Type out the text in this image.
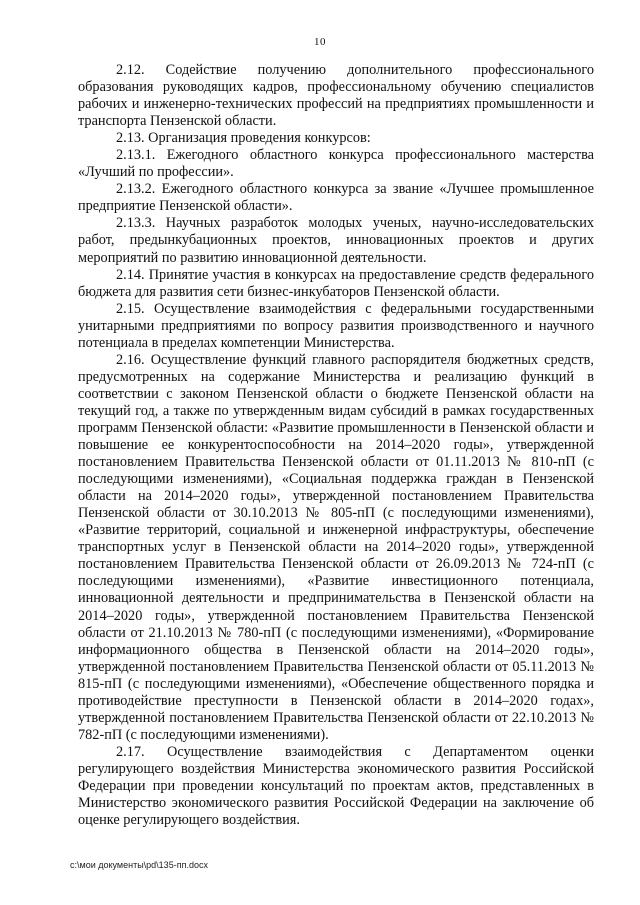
10

2.12. Содействие получению дополнительного профессионального образования руководящих кадров, профессиональному обучению специалистов рабочих и инженерно-технических профессий на предприятиях промышленности и транспорта Пензенской области.

2.13. Организация проведения конкурсов:

2.13.1. Ежегодного областного конкурса профессионального мастерства «Лучший по профессии».

2.13.2. Ежегодного областного конкурса за звание «Лучшее промышленное предприятие Пензенской области».

2.13.3. Научных разработок молодых ученых, научно-исследовательских работ, предынкубационных проектов, инновационных проектов и других мероприятий по развитию инновационной деятельности.

2.14. Принятие участия в конкурсах на предоставление средств федерального бюджета для развития сети бизнес-инкубаторов Пензенской области.

2.15. Осуществление взаимодействия с федеральными государственными унитарными предприятиями по вопросу развития производственного и научного потенциала в пределах компетенции Министерства.

2.16. Осуществление функций главного распорядителя бюджетных средств, предусмотренных на содержание Министерства и реализацию функций в соответствии с законом Пензенской области о бюджете Пензенской области на текущий год, а также по утвержденным видам субсидий в рамках государственных программ Пензенской области: «Развитие промышленности в Пензенской области и повышение ее конкурентоспособности на 2014–2020 годы», утвержденной постановлением Правительства Пензенской области от 01.11.2013 № 810-пП (с последующими изменениями), «Социальная поддержка граждан в Пензенской области на 2014–2020 годы», утвержденной постановлением Правительства Пензенской области от 30.10.2013 № 805-пП (с последующими изменениями), «Развитие территорий, социальной и инженерной инфраструктуры, обеспечение транспортных услуг в Пензенской области на 2014–2020 годы», утвержденной постановлением Правительства Пензенской области от 26.09.2013 № 724-пП (с последующими изменениями), «Развитие инвестиционного потенциала, инновационной деятельности и предпринимательства в Пензенской области на 2014–2020 годы», утвержденной постановлением Правительства Пензенской области от 21.10.2013 № 780-пП (с последующими изменениями), «Формирование информационного общества в Пензенской области на 2014–2020 годы», утвержденной постановлением Правительства Пензенской области от 05.11.2013 № 815-пП (с последующими изменениями), «Обеспечение общественного порядка и противодействие преступности в Пензенской области в 2014–2020 годах», утвержденной постановлением Правительства Пензенской области от 22.10.2013 № 782-пП (с последующими изменениями).

2.17. Осуществление взаимодействия с Департаментом оценки регулирующего воздействия Министерства экономического развития Российской Федерации при проведении консультаций по проектам актов, представленных в Министерство экономического развития Российской Федерации на заключение об оценке регулирующего воздействия.

c:\мои документы\pd\135-пп.docx
